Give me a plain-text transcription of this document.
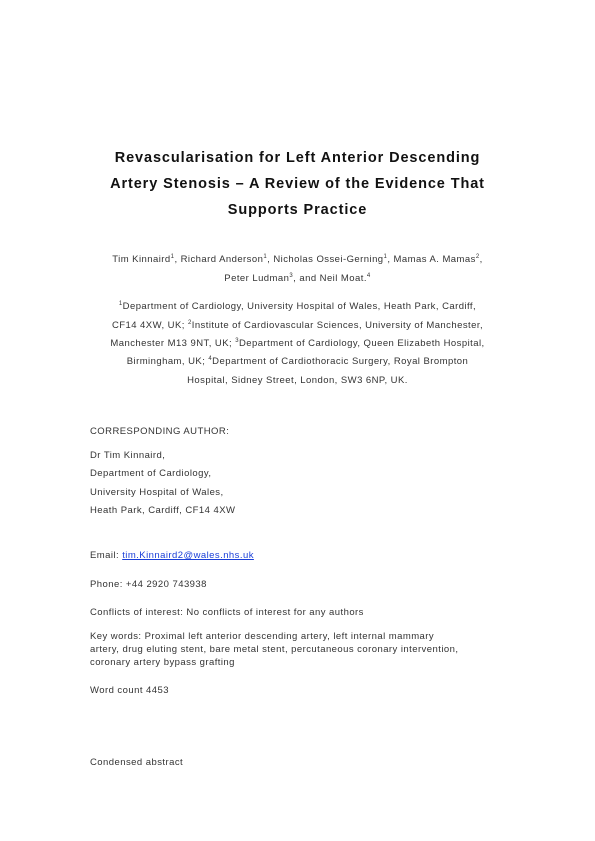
Revascularisation for Left Anterior Descending
Artery Stenosis – A Review of the Evidence That
Supports Practice
Tim Kinnaird$^1$, Richard Anderson$^1$, Nicholas Ossei-Gerning$^1$, Mamas A. Mamas$^2$,
Peter Ludman$^3$, and Neil Moat.$^4$
$^1$Department of Cardiology, University Hospital of Wales, Heath Park, Cardiff,
CF14 4XW, UK; $^2$Institute of Cardiovascular Sciences, University of Manchester,
Manchester M13 9NT, UK; $^3$Department of Cardiology, Queen Elizabeth Hospital,
Birmingham, UK; $^4$Department of Cardiothoracic Surgery, Royal Brompton
Hospital, Sidney Street, London, SW3 6NP, UK.
CORRESPONDING AUTHOR:
Dr Tim Kinnaird,
Department of Cardiology,
University Hospital of Wales,
Heath Park, Cardiff, CF14 4XW
Email: tim.Kinnaird2@wales.nhs.uk
Phone: +44 2920 743938
Conflicts of interest: No conflicts of interest for any authors
Key words: Proximal left anterior descending artery, left internal mammary
artery, drug eluting stent, bare metal stent, percutaneous coronary intervention,
coronary artery bypass grafting
Word count 4453
Condensed abstract
